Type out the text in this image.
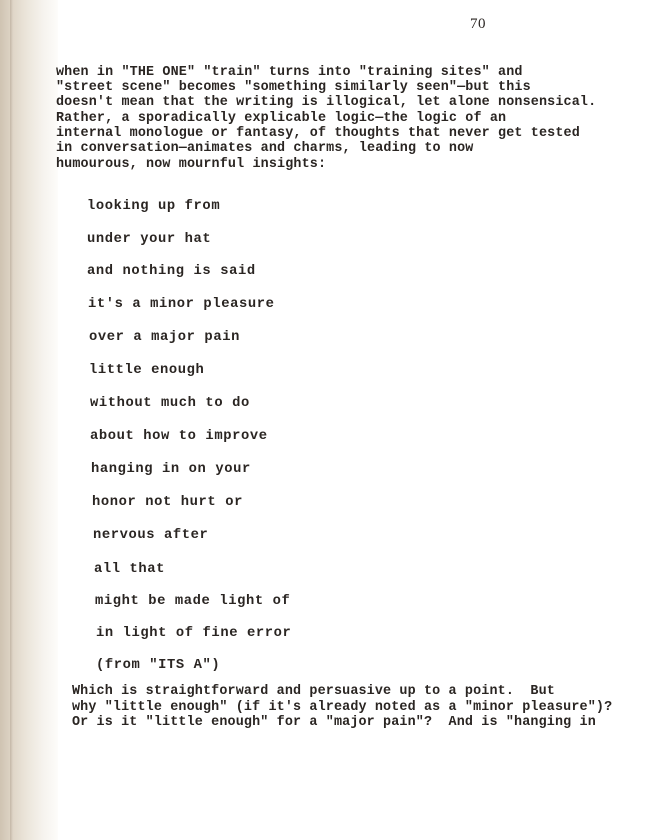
70
when in "THE ONE" "train" turns into "training sites" and
"street scene" becomes "something similarly seen"—but this
doesn't mean that the writing is illogical, let alone nonsensical.
Rather, a sporadically explicable logic—the logic of an
internal monologue or fantasy, of thoughts that never get tested
in conversation—animates and charms, leading to now
humourous, now mournful insights:
looking up from
under your hat
and nothing is said
it's a minor pleasure
over a major pain
little enough
without much to do
about how to improve
hanging in on your
honor not hurt or
nervous after
all that
might be made light of
in light of fine error
(from "ITS A")
Which is straightforward and persuasive up to a point.  But
why "little enough" (if it's already noted as a "minor pleasure")?
Or is it "little enough" for a "major pain"?  And is "hanging in
